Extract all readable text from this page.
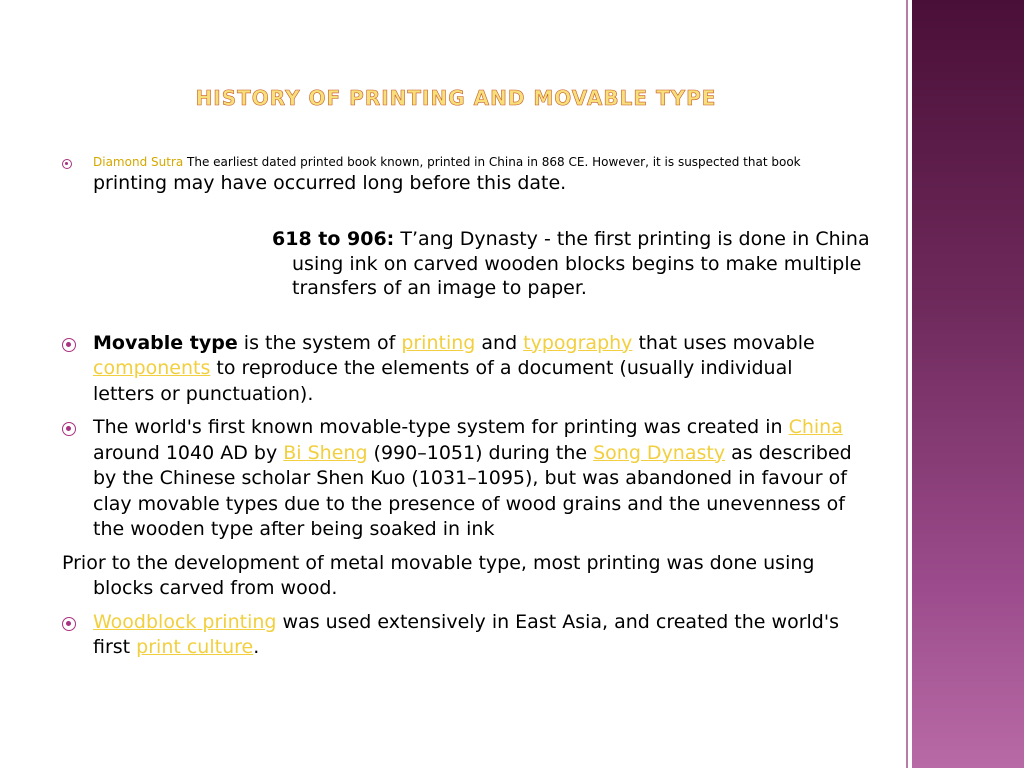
HISTORY OF PRINTING AND MOVABLE TYPE
Diamond Sutra The earliest dated printed book known, printed in China in 868 CE. However, it is suspected that book
printing may have occurred long before this date.
618 to 906: T’ang Dynasty - the first printing is done in China using ink on carved wooden blocks begins to make multiple transfers of an image to paper.
Movable type is the system of printing and typography that uses movable components to reproduce the elements of a document (usually individual letters or punctuation).
The world's first known movable-type system for printing was created in China around 1040 AD by Bi Sheng (990–1051) during the Song Dynasty as described by the Chinese scholar Shen Kuo (1031–1095), but was abandoned in favour of clay movable types due to the presence of wood grains and the unevenness of the wooden type after being soaked in ink
Prior to the development of metal movable type, most printing was done using blocks carved from wood.
Woodblock printing was used extensively in East Asia, and created the world's first print culture.
